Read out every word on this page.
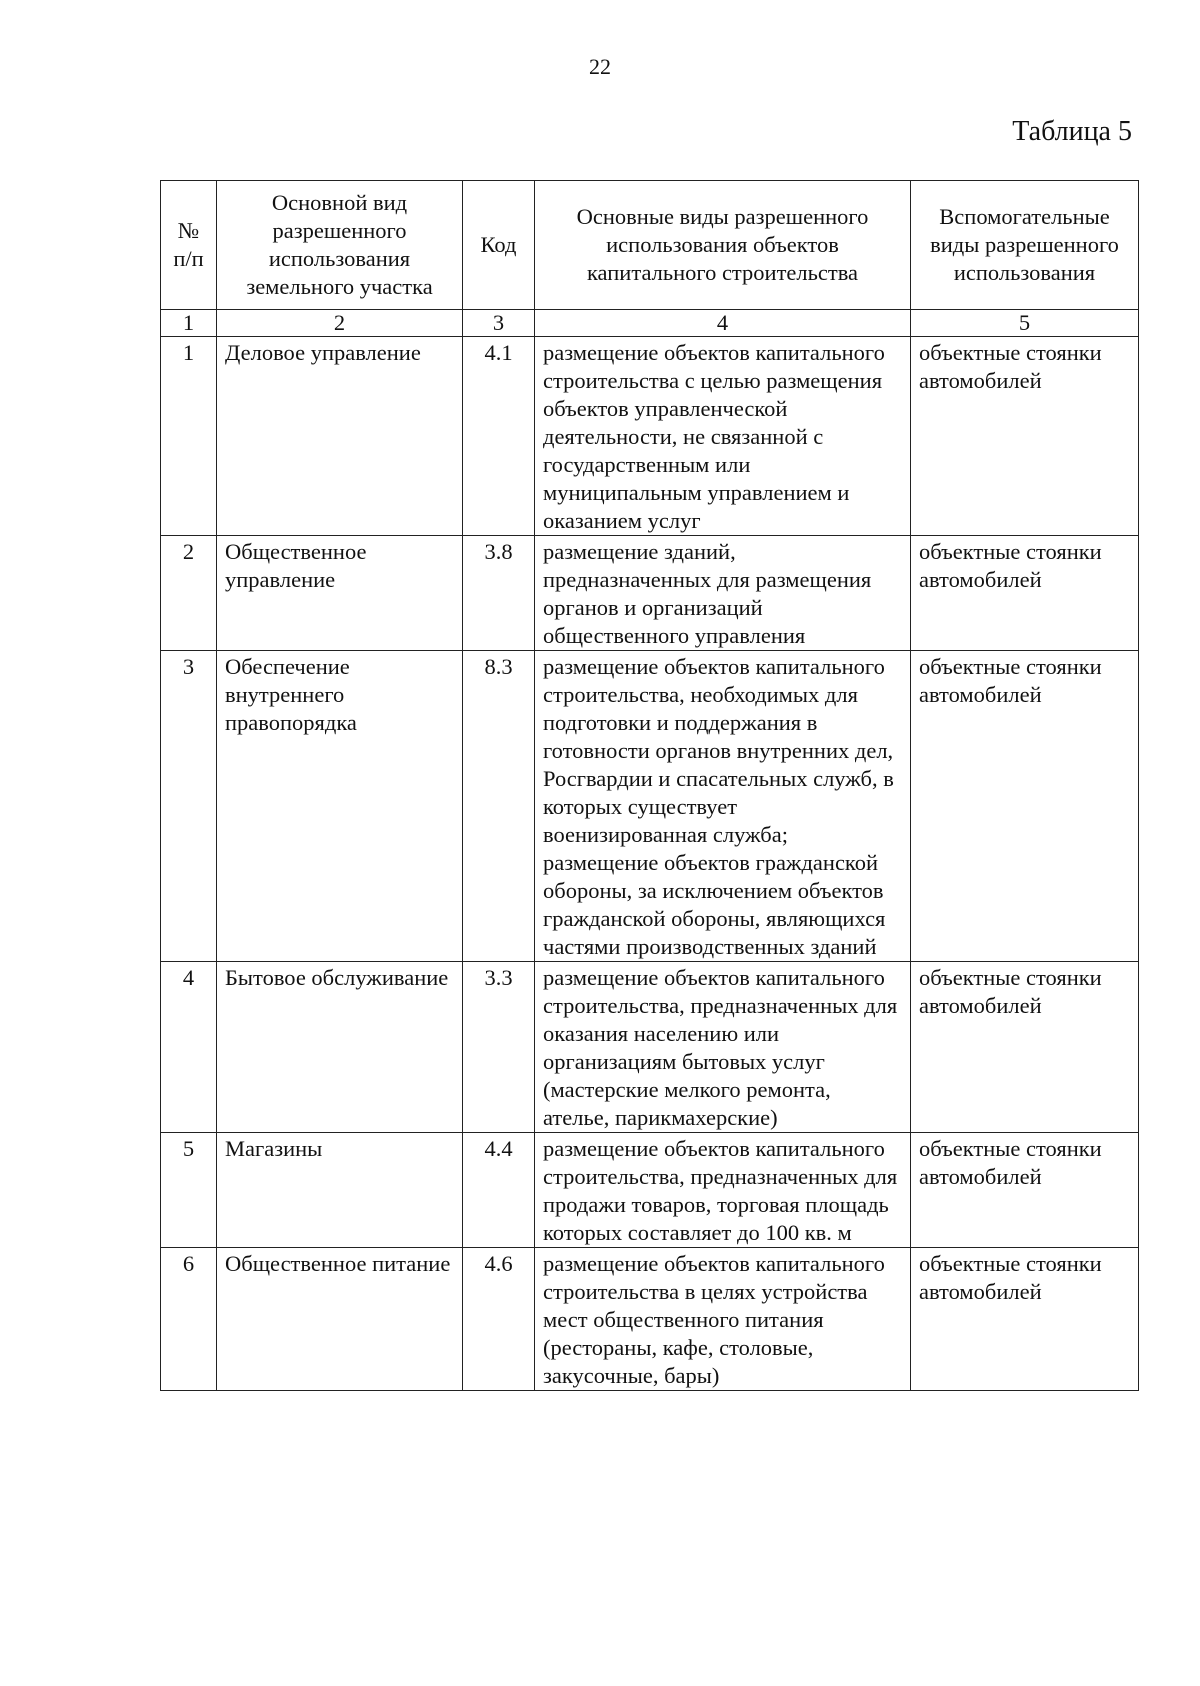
22
Таблица 5
№ п/п	Основной вид разрешенного использования земельного участка	Код	Основные виды разрешенного использования объектов капитального строительства	Вспомогательные виды разрешенного использования
1	2	3	4	5
1	Деловое управление	4.1	размещение объектов капитального строительства с целью размещения объектов управленческой деятельности, не связанной с государственным или муниципальным управлением и оказанием услуг	объектные стоянки автомобилей
2	Общественное управление	3.8	размещение зданий, предназначенных для размещения органов и организаций общественного управления	объектные стоянки автомобилей
3	Обеспечение внутреннего правопорядка	8.3	размещение объектов капитального строительства, необходимых для подготовки и поддержания в готовности органов внутренних дел, Росгвардии и спасательных служб, в которых существует военизированная служба; размещение объектов гражданской обороны, за исключением объектов гражданской обороны, являющихся частями производственных зданий	объектные стоянки автомобилей
4	Бытовое обслуживание	3.3	размещение объектов капитального строительства, предназначенных для оказания населению или организациям бытовых услуг (мастерские мелкого ремонта, ателье, парикмахерские)	объектные стоянки автомобилей
5	Магазины	4.4	размещение объектов капитального строительства, предназначенных для продажи товаров, торговая площадь которых составляет до 100 кв. м	объектные стоянки автомобилей
6	Общественное питание	4.6	размещение объектов капитального строительства в целях устройства мест общественного питания (рестораны, кафе, столовые, закусочные, бары)	объектные стоянки автомобилей
